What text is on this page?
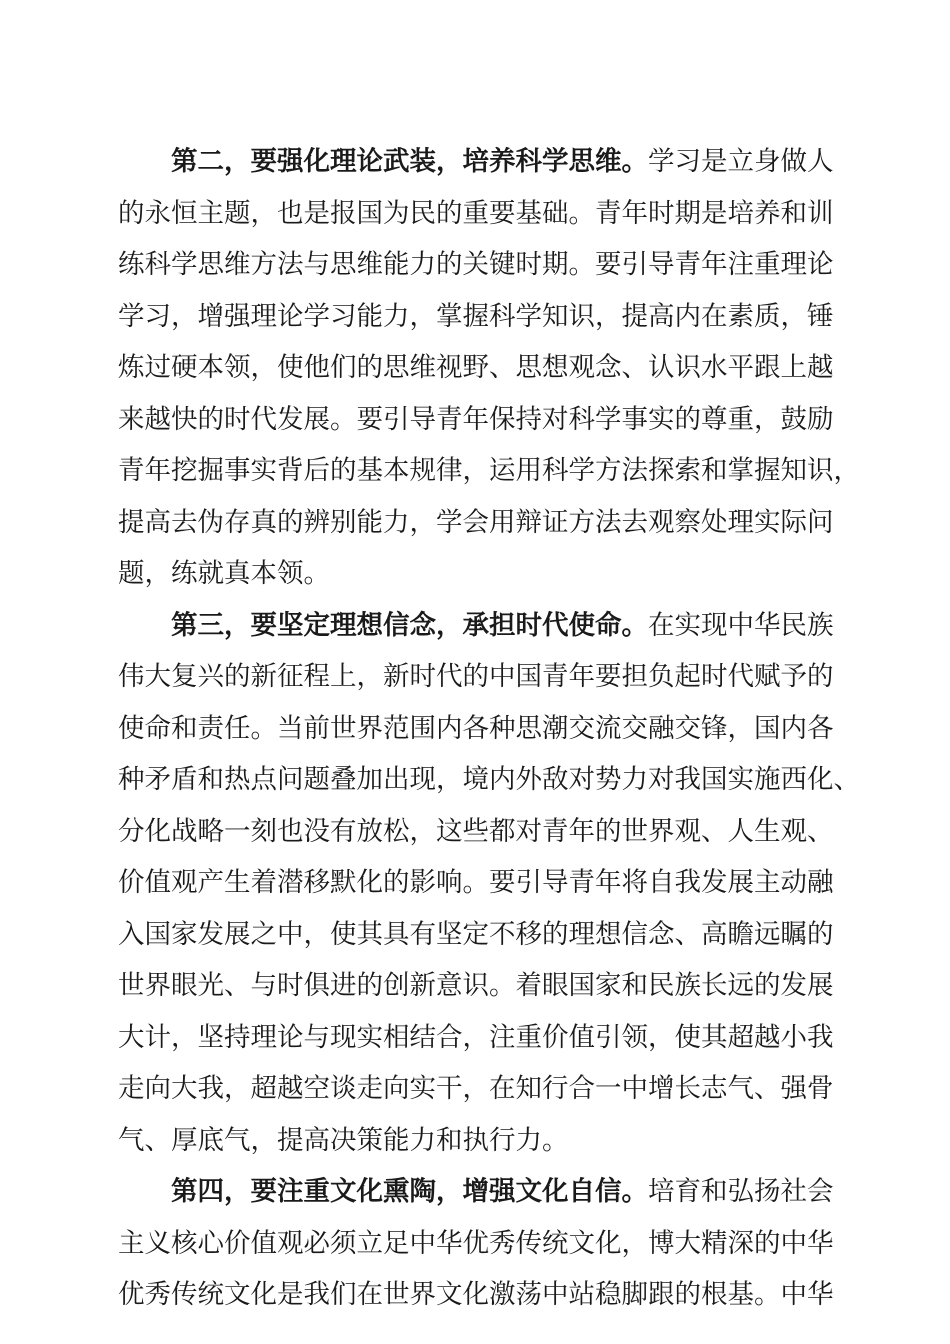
第二，要强化理论武装，培养科学思维。学习是立身做人
的永恒主题，也是报国为民的重要基础。青年时期是培养和训
练科学思维方法与思维能力的关键时期。要引导青年注重理论
学习，增强理论学习能力，掌握科学知识，提高内在素质，锤
炼过硬本领，使他们的思维视野、思想观念、认识水平跟上越
来越快的时代发展。要引导青年保持对科学事实的尊重，鼓励
青年挖掘事实背后的基本规律，运用科学方法探索和掌握知识，
提高去伪存真的辨别能力，学会用辩证方法去观察处理实际问
题，练就真本领。
第三，要坚定理想信念，承担时代使命。在实现中华民族
伟大复兴的新征程上，新时代的中国青年要担负起时代赋予的
使命和责任。当前世界范围内各种思潮交流交融交锋，国内各
种矛盾和热点问题叠加出现，境内外敌对势力对我国实施西化、
分化战略一刻也没有放松，这些都对青年的世界观、人生观、
价值观产生着潜移默化的影响。要引导青年将自我发展主动融
入国家发展之中，使其具有坚定不移的理想信念、高瞻远瞩的
世界眼光、与时俱进的创新意识。着眼国家和民族长远的发展
大计，坚持理论与现实相结合，注重价值引领，使其超越小我
走向大我，超越空谈走向实干，在知行合一中增长志气、强骨
气、厚底气，提高决策能力和执行力。
第四，要注重文化熏陶，增强文化自信。培育和弘扬社会
主义核心价值观必须立足中华优秀传统文化，博大精深的中华
优秀传统文化是我们在世界文化激荡中站稳脚跟的根基。中华
